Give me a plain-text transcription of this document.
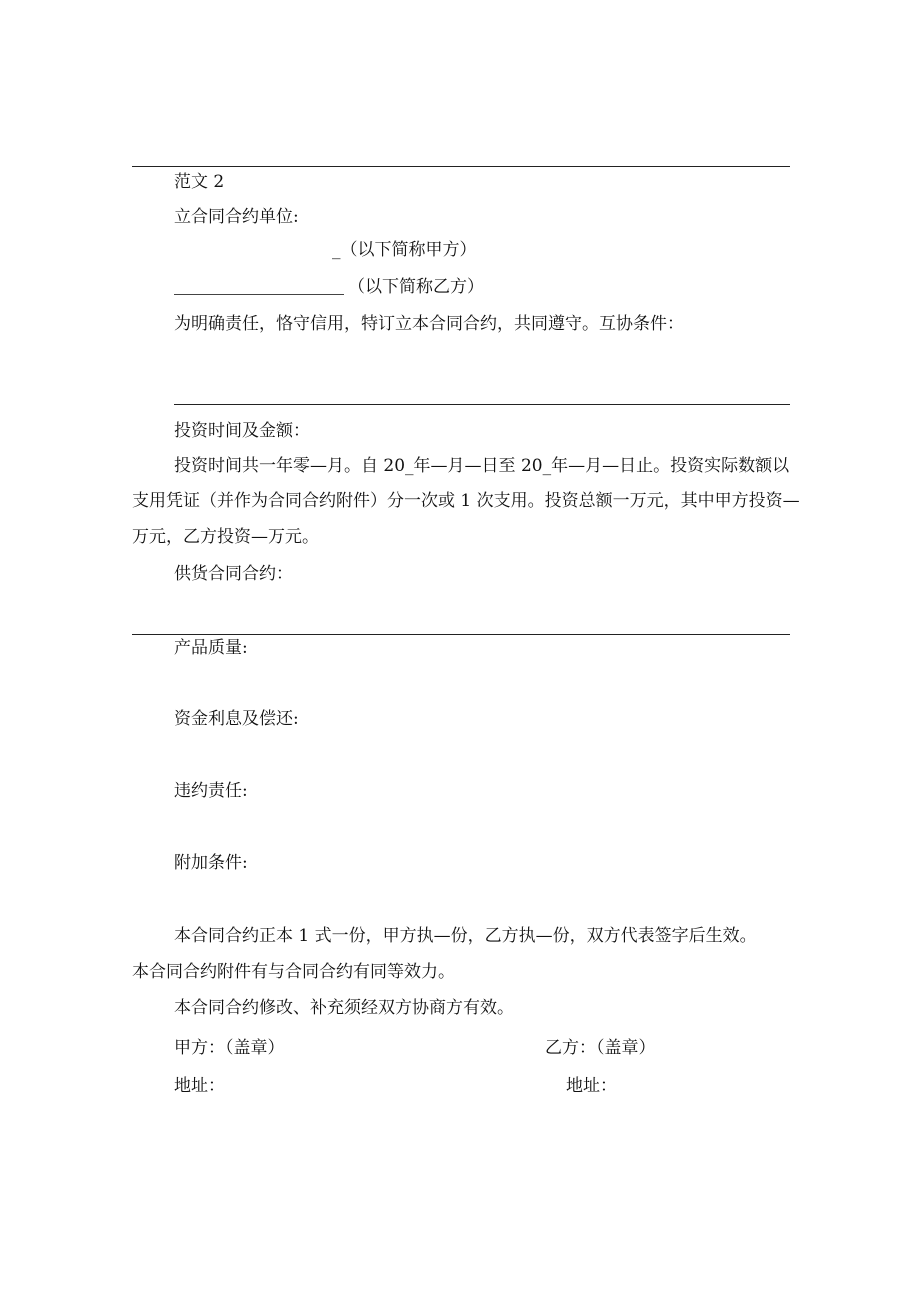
范文 2
立合同合约单位:
_（以下简称甲方）
（以下简称乙方）
为明确责任，恪守信用，特订立本合同合约，共同遵守。互协条件：
投资时间及金额：
投资时间共一年零—月。自 20_年—月—日至 20_年—月—日止。投资实际数额以
支用凭证（并作为合同合约附件）分一次或 1 次支用。投资总额一万元，其中甲方投资—
万元，乙方投资—万元。
供货合同合约：
产品质量:
资金利息及偿还:
违约责任:
附加条件:
本合同合约正本 1 式一份，甲方执—份，乙方执—份，双方代表签字后生效。
本合同合约附件有与合同合约有同等效力。
本合同合约修改、补充须经双方协商方有效。
甲方：（盖章）	乙方：（盖章）
地址：	地址：
